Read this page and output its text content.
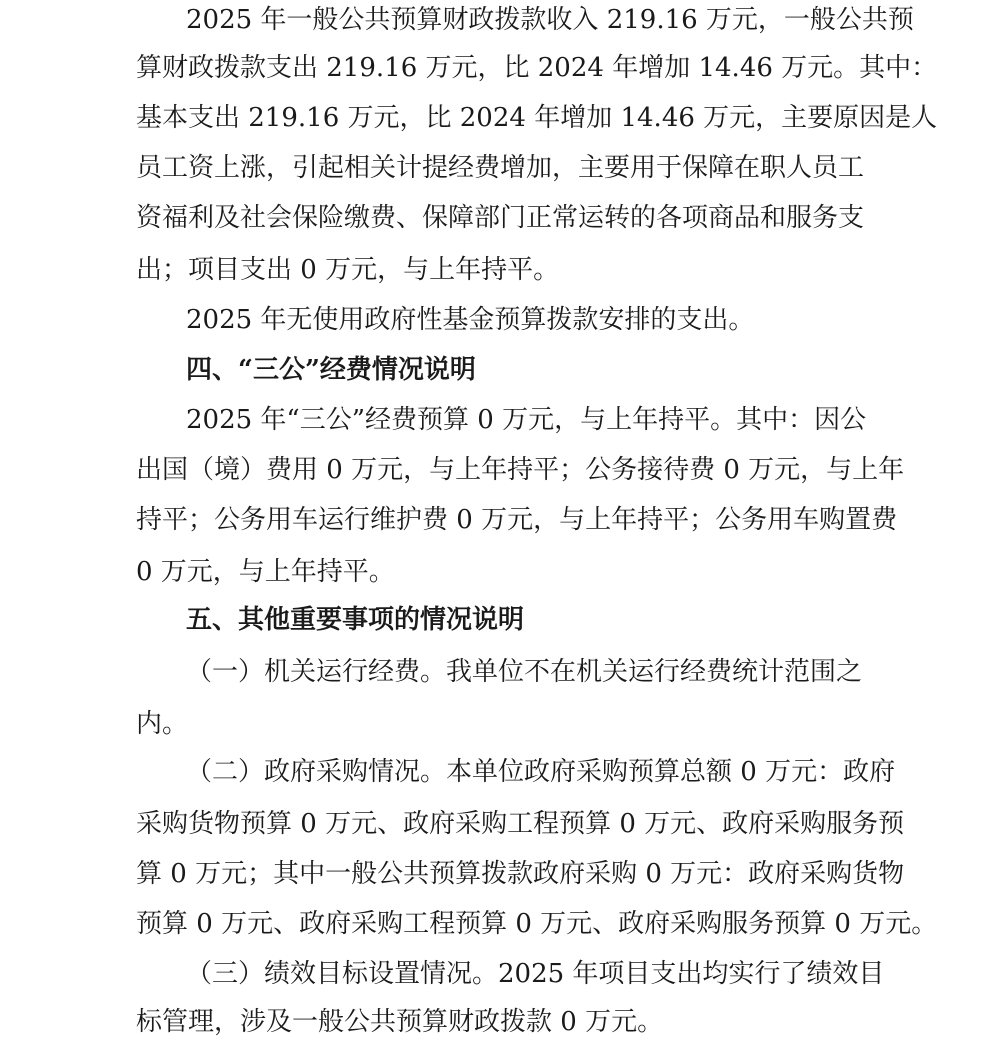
2025 年一般公共预算财政拨款收入 219.16 万元，一般公共预
算财政拨款支出 219.16 万元，比 2024 年增加 14.46 万元。其中：
基本支出 219.16 万元，比 2024 年增加 14.46 万元，主要原因是人
员工资上涨，引起相关计提经费增加，主要用于保障在职人员工
资福利及社会保险缴费、保障部门正常运转的各项商品和服务支
出；项目支出 0 万元，与上年持平。
2025 年无使用政府性基金预算拨款安排的支出。
四、“三公”经费情况说明
2025 年“三公”经费预算 0 万元，与上年持平。其中：因公
出国（境）费用 0 万元，与上年持平；公务接待费 0 万元，与上年
持平；公务用车运行维护费 0 万元，与上年持平；公务用车购置费
0 万元，与上年持平。
五、其他重要事项的情况说明
（一）机关运行经费。我单位不在机关运行经费统计范围之
内。
（二）政府采购情况。本单位政府采购预算总额 0 万元：政府
采购货物预算 0 万元、政府采购工程预算 0 万元、政府采购服务预
算 0 万元；其中一般公共预算拨款政府采购 0 万元：政府采购货物
预算 0 万元、政府采购工程预算 0 万元、政府采购服务预算 0 万元。
（三）绩效目标设置情况。2025 年项目支出均实行了绩效目
标管理，涉及一般公共预算财政拨款 0 万元。
